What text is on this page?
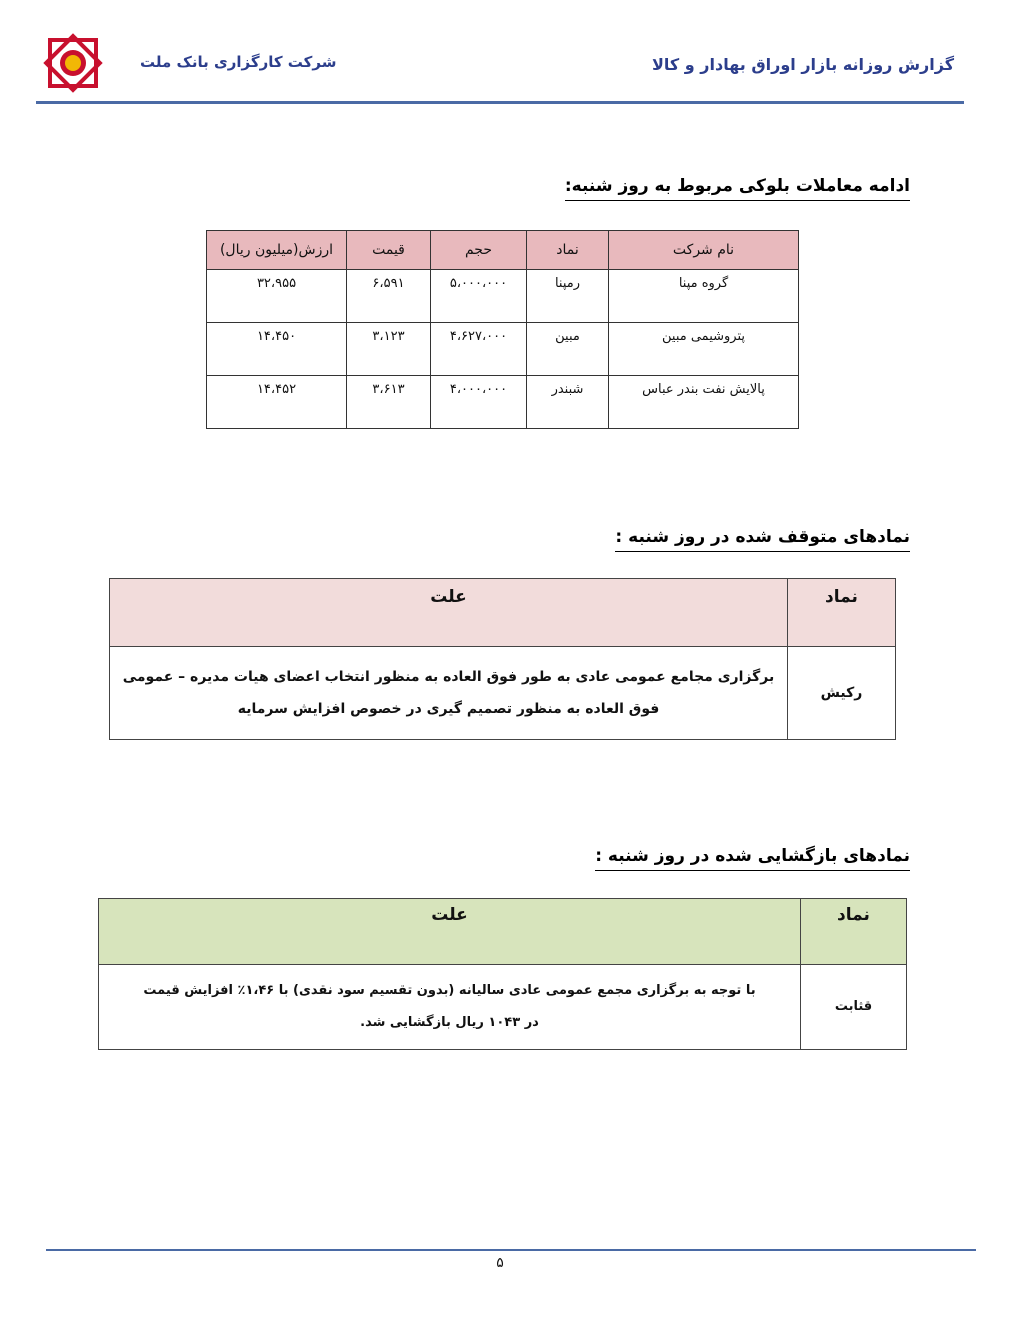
شرکت کارگزاری بانک ملت	گزارش روزانه بازار اوراق بهادار و کالا
ادامه معاملات بلوکی مربوط به روز شنبه:
نام شرکت	نماد	حجم	قیمت	ارزش(میلیون ریال)
گروه مپنا	رمپنا	۵،۰۰۰،۰۰۰	۶،۵۹۱	۳۲،۹۵۵
پتروشیمی مبین	مبین	۴،۶۲۷،۰۰۰	۳،۱۲۳	۱۴،۴۵۰
پالایش نفت بندر عباس	شبندر	۴،۰۰۰،۰۰۰	۳،۶۱۳	۱۴،۴۵۲
نمادهای متوقف شده در روز شنبه :
نماد	علت
رکیش	برگزاری مجامع عمومی عادی به طور فوق العاده به منظور انتخاب اعضای هیات مدیره – عمومی
فوق العاده به منظور تصمیم گیری در خصوص افزایش سرمایه
نمادهای بازگشایی شده در روز شنبه :
نماد	علت
قثابت	با توجه به برگزاری مجمع عمومی عادی سالیانه (بدون تقسیم سود نقدی) با ۱،۴۶٪ افزایش قیمت
در ۱۰۴۳ ریال بازگشایی شد.
۵
